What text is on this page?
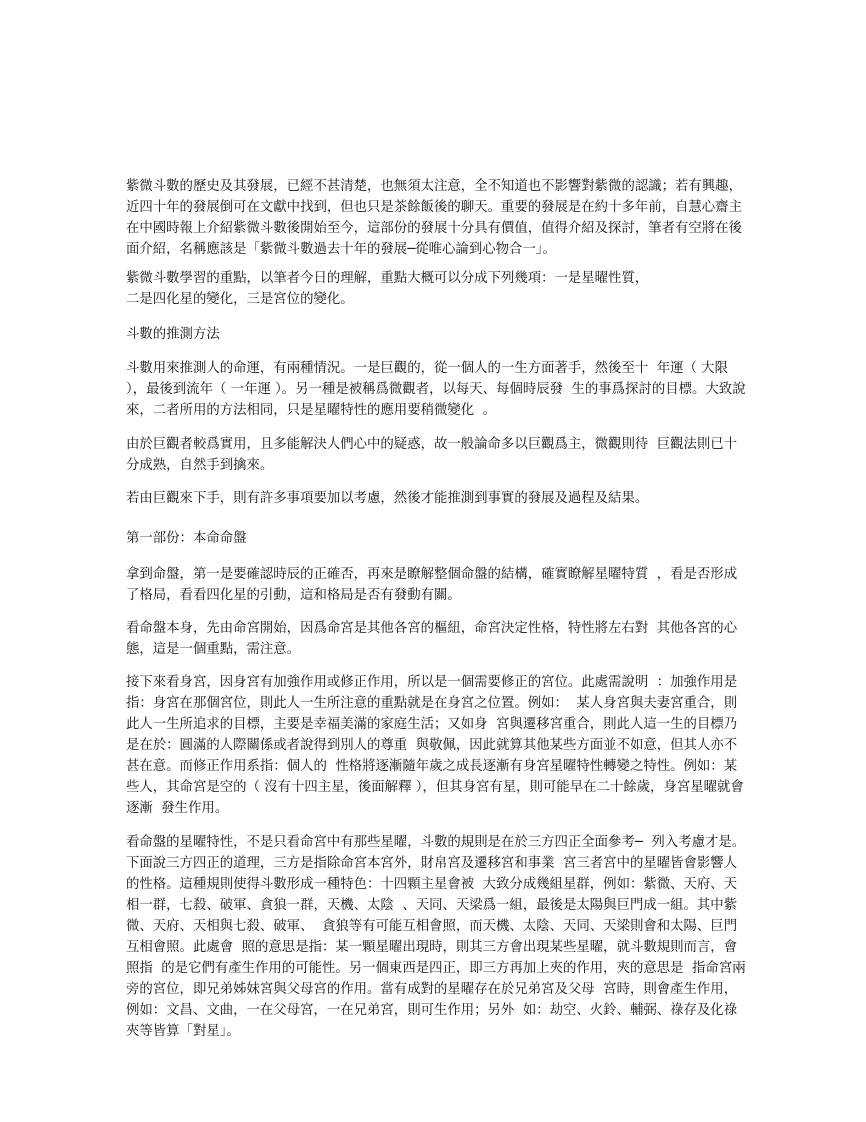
紫微斗數的歷史及其發展，已經不甚清楚，也無須太注意，全不知道也不影響對紫微的認識；若有興趣，近四十年的發展倒可在文獻中找到，但也只是茶餘飯後的聊天。重要的發展是在約十多年前，自慧心齋主在中國時報上介紹紫微斗數後開始至今，這部份的發展十分具有價值，值得介紹及探討，筆者有空將在後面介紹，名稱應該是「紫微斗數過去十年的發展─從唯心論到心物合一」。

紫微斗數學習的重點，以筆者今日的理解，重點大概可以分成下列幾項：一是星曜性質，
二是四化星的變化，三是宮位的變化。

斗數的推測方法

斗數用來推測人的命運，有兩種情況。一是巨觀的，從一個人的一生方面著手，然後至十  年運（ 大限 ），最後到流年（ 一年運 ）。另一種是被稱爲微觀者，以每天、每個時辰發  生的事爲探討的目標。大致說來，二者所用的方法相同，只是星曜特性的應用要稍微變化  。

由於巨觀者較爲實用，且多能解決人們心中的疑惑，故一般論命多以巨觀爲主，微觀則待  巨觀法則已十分成熟，自然手到擒來。

若由巨觀來下手，則有許多事項要加以考慮，然後才能推測到事實的發展及過程及結果。

第一部份：本命命盤

拿到命盤，第一是要確認時辰的正確否，再來是瞭解整個命盤的結構，確實瞭解星曜特質  ，看是否形成了格局，看看四化星的引動，這和格局是否有發動有關。

看命盤本身，先由命宮開始，因爲命宮是其他各宮的樞紐，命宮決定性格，特性將左右對  其他各宮的心態，這是一個重點，需注意。

接下來看身宮，因身宮有加強作用或修正作用，所以是一個需要修正的宮位。此處需說明  ：加強作用是指：身宮在那個宮位，則此人一生所注意的重點就是在身宮之位置。例如：  某人身宮與夫妻宮重合，則此人一生所追求的目標，主要是幸福美滿的家庭生活；又如身  宮與遷移宮重合，則此人這一生的目標乃是在於：圓滿的人際關係或者說得到別人的尊重  與敬佩，因此就算其他某些方面並不如意，但其人亦不甚在意。而修正作用系指：個人的  性格將逐漸隨年歲之成長逐漸有身宮星曜特性轉變之特性。例如：某些人，其命宮是空的（ 沒有十四主星，後面解釋 ），但其身宮有星，則可能早在二十餘歲，身宮星曜就會逐漸  發生作用。

看命盤的星曜特性，不是只看命宮中有那些星曜，斗數的規則是在於三方四正全面參考─  列入考慮才是。下面說三方四正的道理，三方是指除命宮本宮外，財帛宮及遷移宮和事業  宮三者宮中的星曜皆會影響人的性格。這種規則使得斗數形成一種特色：十四顆主星會被  大致分成幾組星群，例如：紫微、天府、天相一群，七殺、破軍、貪狼一群，天機、太陰  、天同、天梁爲一組，最後是太陽與巨門成一組。其中紫微、天府、天相與七殺、破軍、  貪狼等有可能互相會照，而天機、太陰、天同、天梁則會和太陽、巨門互相會照。此處會  照的意思是指：某一顆星曜出現時，則其三方會出現某些星曜，就斗數規則而言，會照指  的是它們有產生作用的可能性。另一個東西是四正，即三方再加上夾的作用，夾的意思是  指命宮兩旁的宮位，即兄弟姊妹宮與父母宮的作用。當有成對的星曜存在於兄弟宮及父母  宮時，則會產生作用，例如：文昌、文曲，一在父母宮，一在兄弟宮，則可生作用；另外  如：劫空、火鈴、輔弼、祿存及化祿夾等皆算「對星」。
